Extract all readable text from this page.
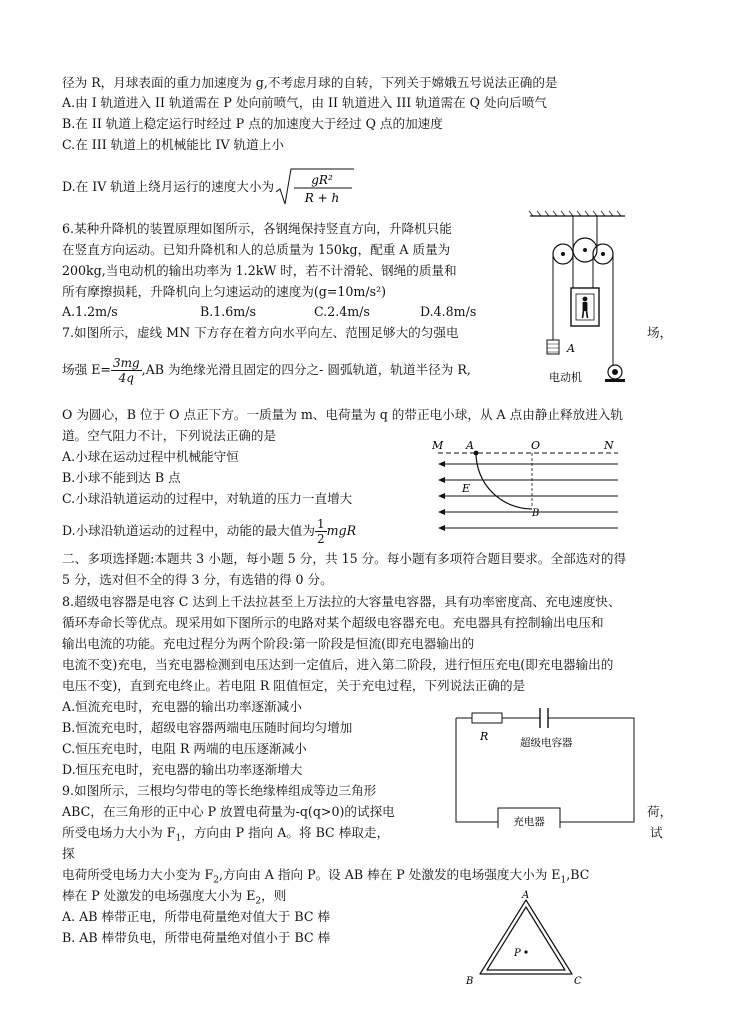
径为 R，月球表面的重力加速度为 g,不考虑月球的自转，下列关于嫦娥五号说法正确的是
A.由 I 轨道进入 II 轨道需在 P 处向前喷气，由 II 轨道进入 III 轨道需在 Q 处向后喷气
B.在 II 轨道上稳定运行时经过 P 点的加速度大于经过 Q 点的加速度
C.在 III 轨道上的机械能比 IV 轨道上小
D.在 IV 轨道上绕月运行的速度大小为	gR²
R + h
6.某种升降机的装置原理如图所示，各钢绳保持竖直方向，升降机只能
在竖直方向运动。已知升降机和人的总质量为 150kg，配重 A 质量为
200kg,当电动机的输出功率为 1.2kW 时，若不计滑轮、钢绳的质量和
所有摩擦损耗，升降机向上匀速运动的速度为(g=10m/s²)
A.1.2m/s	B.1.6m/s	C.2.4m/s	D.4.8m/s
A
电动机
7.如图所示，虚线 MN 下方存在着方向水平向左、范围足够大的匀强电	场，
场强 $E= \frac{3mg}{4q} ,AB$ 为绝缘光滑且固定的四分之- 圆弧轨道，轨道半径为 R,
O 为圆心，B 位于 O 点正下方。一质量为 m、电荷量为 q 的带正电小球，从 A 点由静止释放进入轨
道。空气阻力不计，下列说法正确的是
A.小球在运动过程中机械能守恒
B.小球不能到达 B 点
C.小球沿轨道运动的过程中，对轨道的压力一直增大
D.小球沿轨道运动的过程中，动能的最大值为 $\frac{1}{2}$ mgR
M A	O	N
E
B
二、多项选择题:本题共 3 小题，每小题 5 分，共 15 分。每小题有多项符合题目要求。全部选对的得
5 分，选对但不全的得 3 分，有选错的得 0 分。
8.超级电容器是电容 C 达到上千法拉甚至上万法拉的大容量电容器，具有功率密度高、充电速度快、
循环寿命长等优点。现采用如下图所示的电路对某个超级电容器充电。充电器具有控制输出电压和
输出电流的功能。充电过程分为两个阶段:第一阶段是恒流(即充电器输出的
电流不变)充电，当充电器检测到电压达到一定值后，进入第二阶段，进行恒压充电(即充电器输出的
电压不变)，直到充电终止。若电阻 R 阻值恒定，关于充电过程，下列说法正确的是
A.恒流充电时，充电器的输出功率逐渐减小
B.恒流充电时，超级电容器两端电压随时间均匀增加
C.恒压充电时，电阻 R 两端的电压逐渐减小
D.恒压充电时，充电器的输出功率逐渐增大
R	超级电容器
充电器
9.如图所示，三根均匀带电的等长绝缘棒组成等边三角形
ABC，在三角形的正中心 P 放置电荷量为-q(q>0)的试探电	荷，
所受电场力大小为 $F_1$，方向由 P 指向 A。将 BC 棒取走，	试
探
电荷所受电场力大小变为 $F_2$,方向由 A 指向 P。设 AB 棒在 P 处激发的电场强度大小为 $E_1,BC$
棒在 P 处激发的电场强度大小为 $E_2$，则
A. AB 棒带正电，所带电荷量绝对值大于 BC 棒
B. AB 棒带负电，所带电荷量绝对值小于 BC 棒
A
B	C
P
